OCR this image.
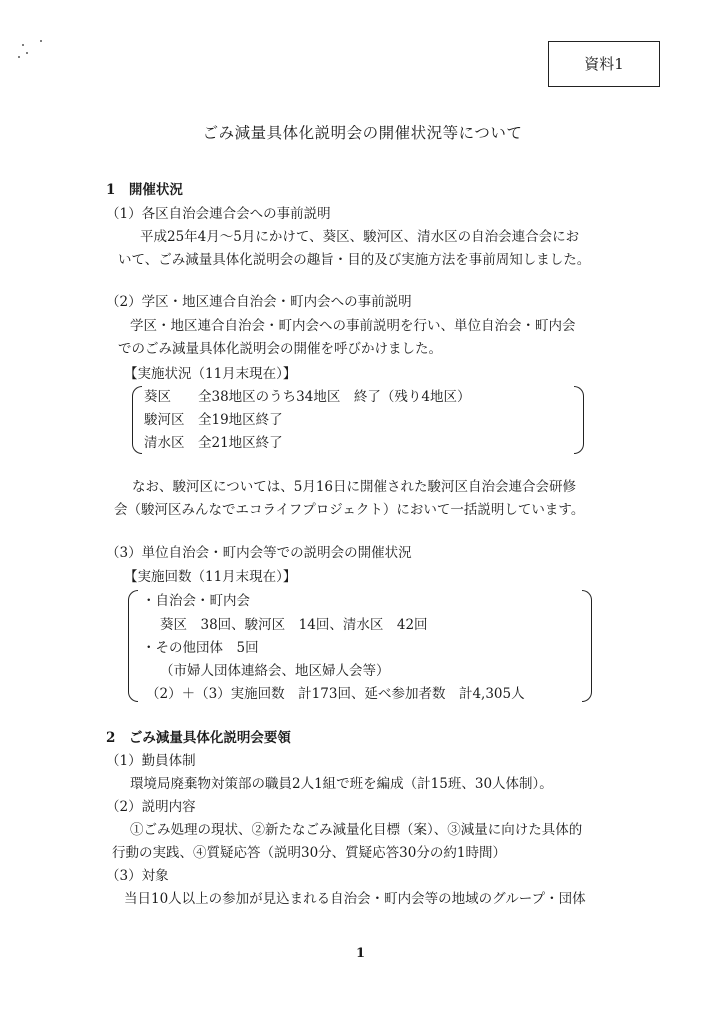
資料1
ごみ減量具体化説明会の開催状況等について
1　開催状況
（1）各区自治会連合会への事前説明
平成25年4月～5月にかけて、葵区、駿河区、清水区の自治会連合会にお
いて、ごみ減量具体化説明会の趣旨・目的及び実施方法を事前周知しました。
（2）学区・地区連合自治会・町内会への事前説明
学区・地区連合自治会・町内会への事前説明を行い、単位自治会・町内会
でのごみ減量具体化説明会の開催を呼びかけました。
【実施状況（11月末現在）】
葵区　　全38地区のうち34地区　終了（残り4地区）
駿河区　全19地区終了
清水区　全21地区終了
なお、駿河区については、5月16日に開催された駿河区自治会連合会研修
会（駿河区みんなでエコライフプロジェクト）において一括説明しています。
（3）単位自治会・町内会等での説明会の開催状況
【実施回数（11月末現在）】
・自治会・町内会
葵区　38回、駿河区　14回、清水区　42回
・その他団体　5回
（市婦人団体連絡会、地区婦人会等）
（2）＋（3）実施回数　計173回、延べ参加者数　計4,305人
2　ごみ減量具体化説明会要領
（1）勤員体制
環境局廃棄物対策部の職員2人1組で班を編成（計15班、30人体制）。
（2）説明内容
①ごみ処理の現状、②新たなごみ減量化目標（案）、③減量に向けた具体的
行動の実践、④質疑応答（説明30分、質疑応答30分の約1時間）
（3）対象
当日10人以上の参加が見込まれる自治会・町内会等の地域のグループ・団体
1
